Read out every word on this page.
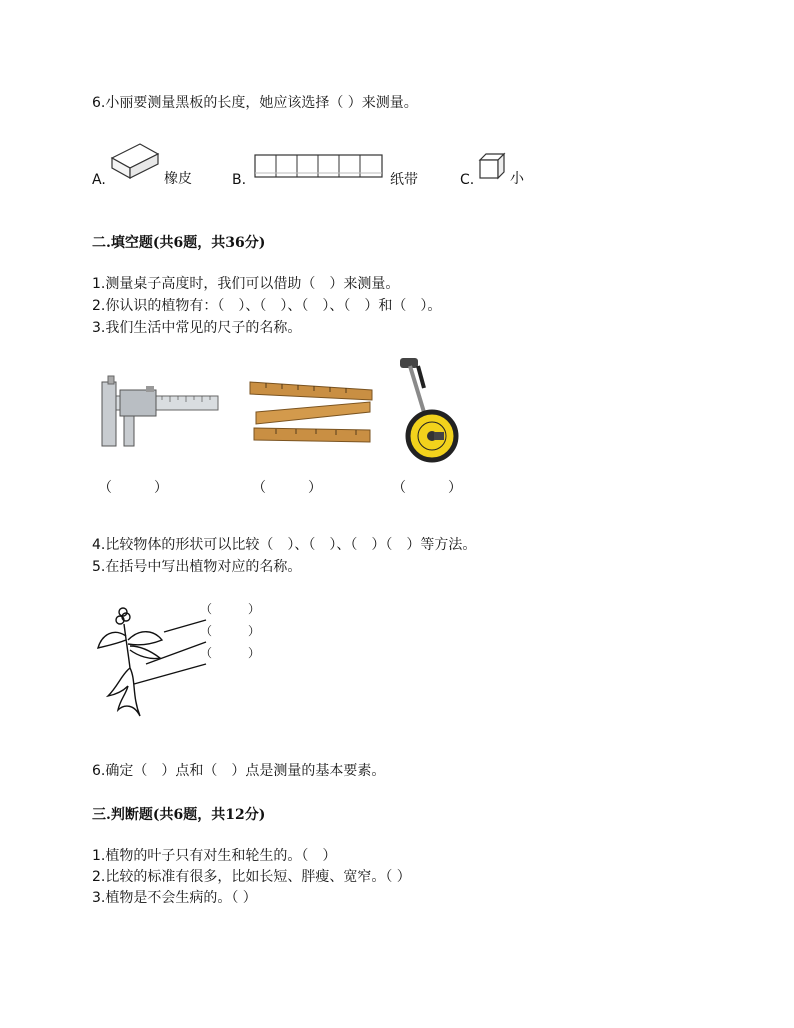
6.小丽要测量黑板的长度，她应该选择（ ）来测量。
A.	橡皮	B.	纸带	C.	小
二.填空题(共6题，共36分)
1.测量桌子高度时，我们可以借助（　）来测量。
2.你认识的植物有：（　）、（　）、（　）、（　）和（　）。
3.我们生活中常见的尺子的名称。
（　　　）	（　　　）	（　　　）
4.比较物体的形状可以比较（　）、（　）、（　）（　）等方法。
5.在括号中写出植物对应的名称。
（　　　）
（　　　）
（　　　）
6.确定（　）点和（　）点是测量的基本要素。
三.判断题(共6题，共12分)
1.植物的叶子只有对生和轮生的。（　）
2.比较的标准有很多，比如长短、胖瘦、宽窄。（ ）
3.植物是不会生病的。（ ）
